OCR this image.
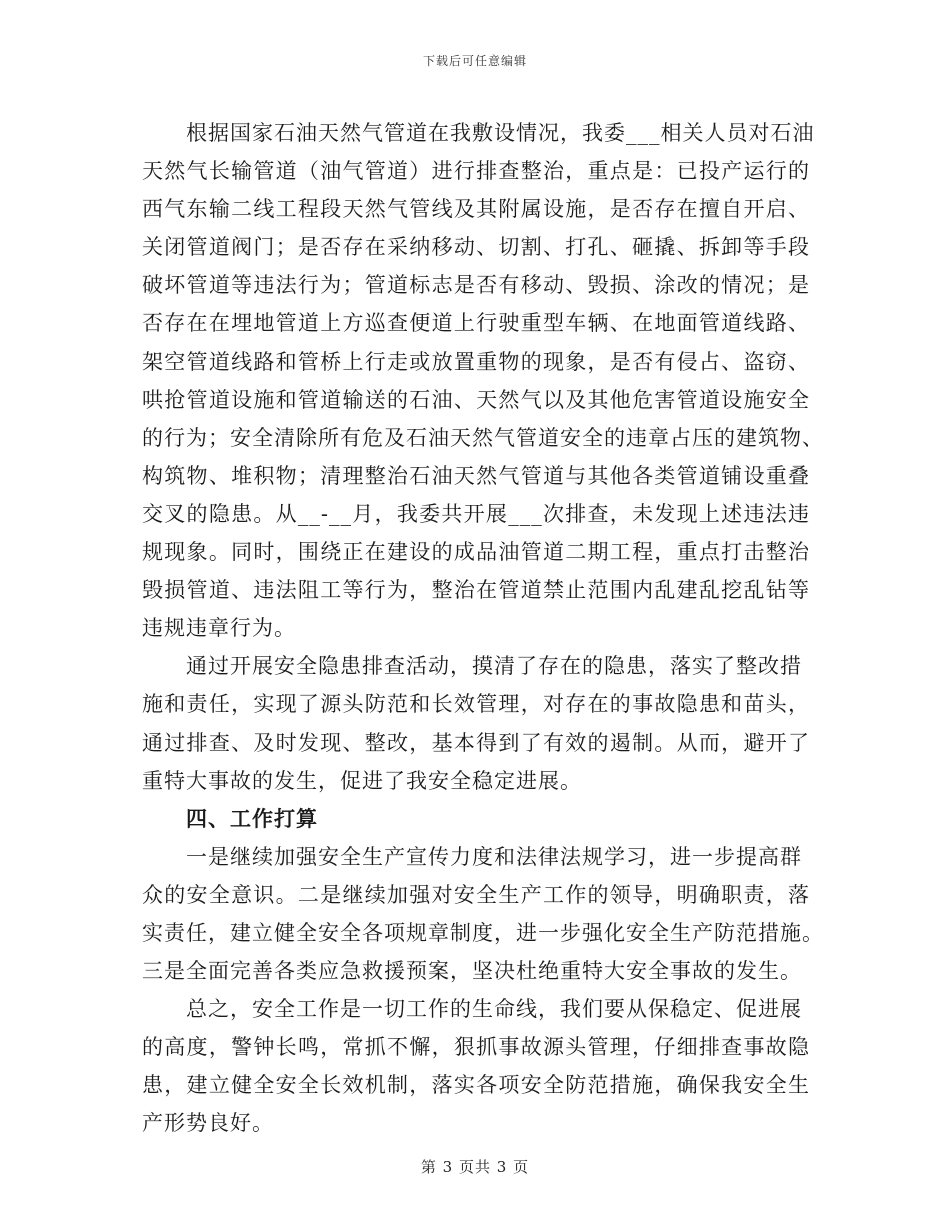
下载后可任意编辑
根据国家石油天然气管道在我敷设情况，我委___相关人员对石油
天然气长输管道（油气管道）进行排查整治，重点是：已投产运行的
西气东输二线工程段天然气管线及其附属设施，是否存在擅自开启、
关闭管道阀门；是否存在采纳移动、切割、打孔、砸撬、拆卸等手段
破坏管道等违法行为；管道标志是否有移动、毁损、涂改的情况；是
否存在在埋地管道上方巡查便道上行驶重型车辆、在地面管道线路、
架空管道线路和管桥上行走或放置重物的现象，是否有侵占、盗窃、
哄抢管道设施和管道输送的石油、天然气以及其他危害管道设施安全
的行为；安全清除所有危及石油天然气管道安全的违章占压的建筑物、
构筑物、堆积物；清理整治石油天然气管道与其他各类管道铺设重叠
交叉的隐患。从__-__月，我委共开展___次排查，未发现上述违法违
规现象。同时，围绕正在建设的成品油管道二期工程，重点打击整治
毁损管道、违法阻工等行为，整治在管道禁止范围内乱建乱挖乱钻等
违规违章行为。
通过开展安全隐患排查活动，摸清了存在的隐患，落实了整改措
施和责任，实现了源头防范和长效管理，对存在的事故隐患和苗头，
通过排查、及时发现、整改，基本得到了有效的遏制。从而，避开了
重特大事故的发生，促进了我安全稳定进展。
四、工作打算
一是继续加强安全生产宣传力度和法律法规学习，进一步提高群
众的安全意识。二是继续加强对安全生产工作的领导，明确职责，落
实责任，建立健全安全各项规章制度，进一步强化安全生产防范措施。
三是全面完善各类应急救援预案，坚决杜绝重特大安全事故的发生。
总之，安全工作是一切工作的生命线，我们要从保稳定、促进展
的高度，警钟长鸣，常抓不懈，狠抓事故源头管理，仔细排查事故隐
患，建立健全安全长效机制，落实各项安全防范措施，确保我安全生
产形势良好。
第 3 页共 3 页
